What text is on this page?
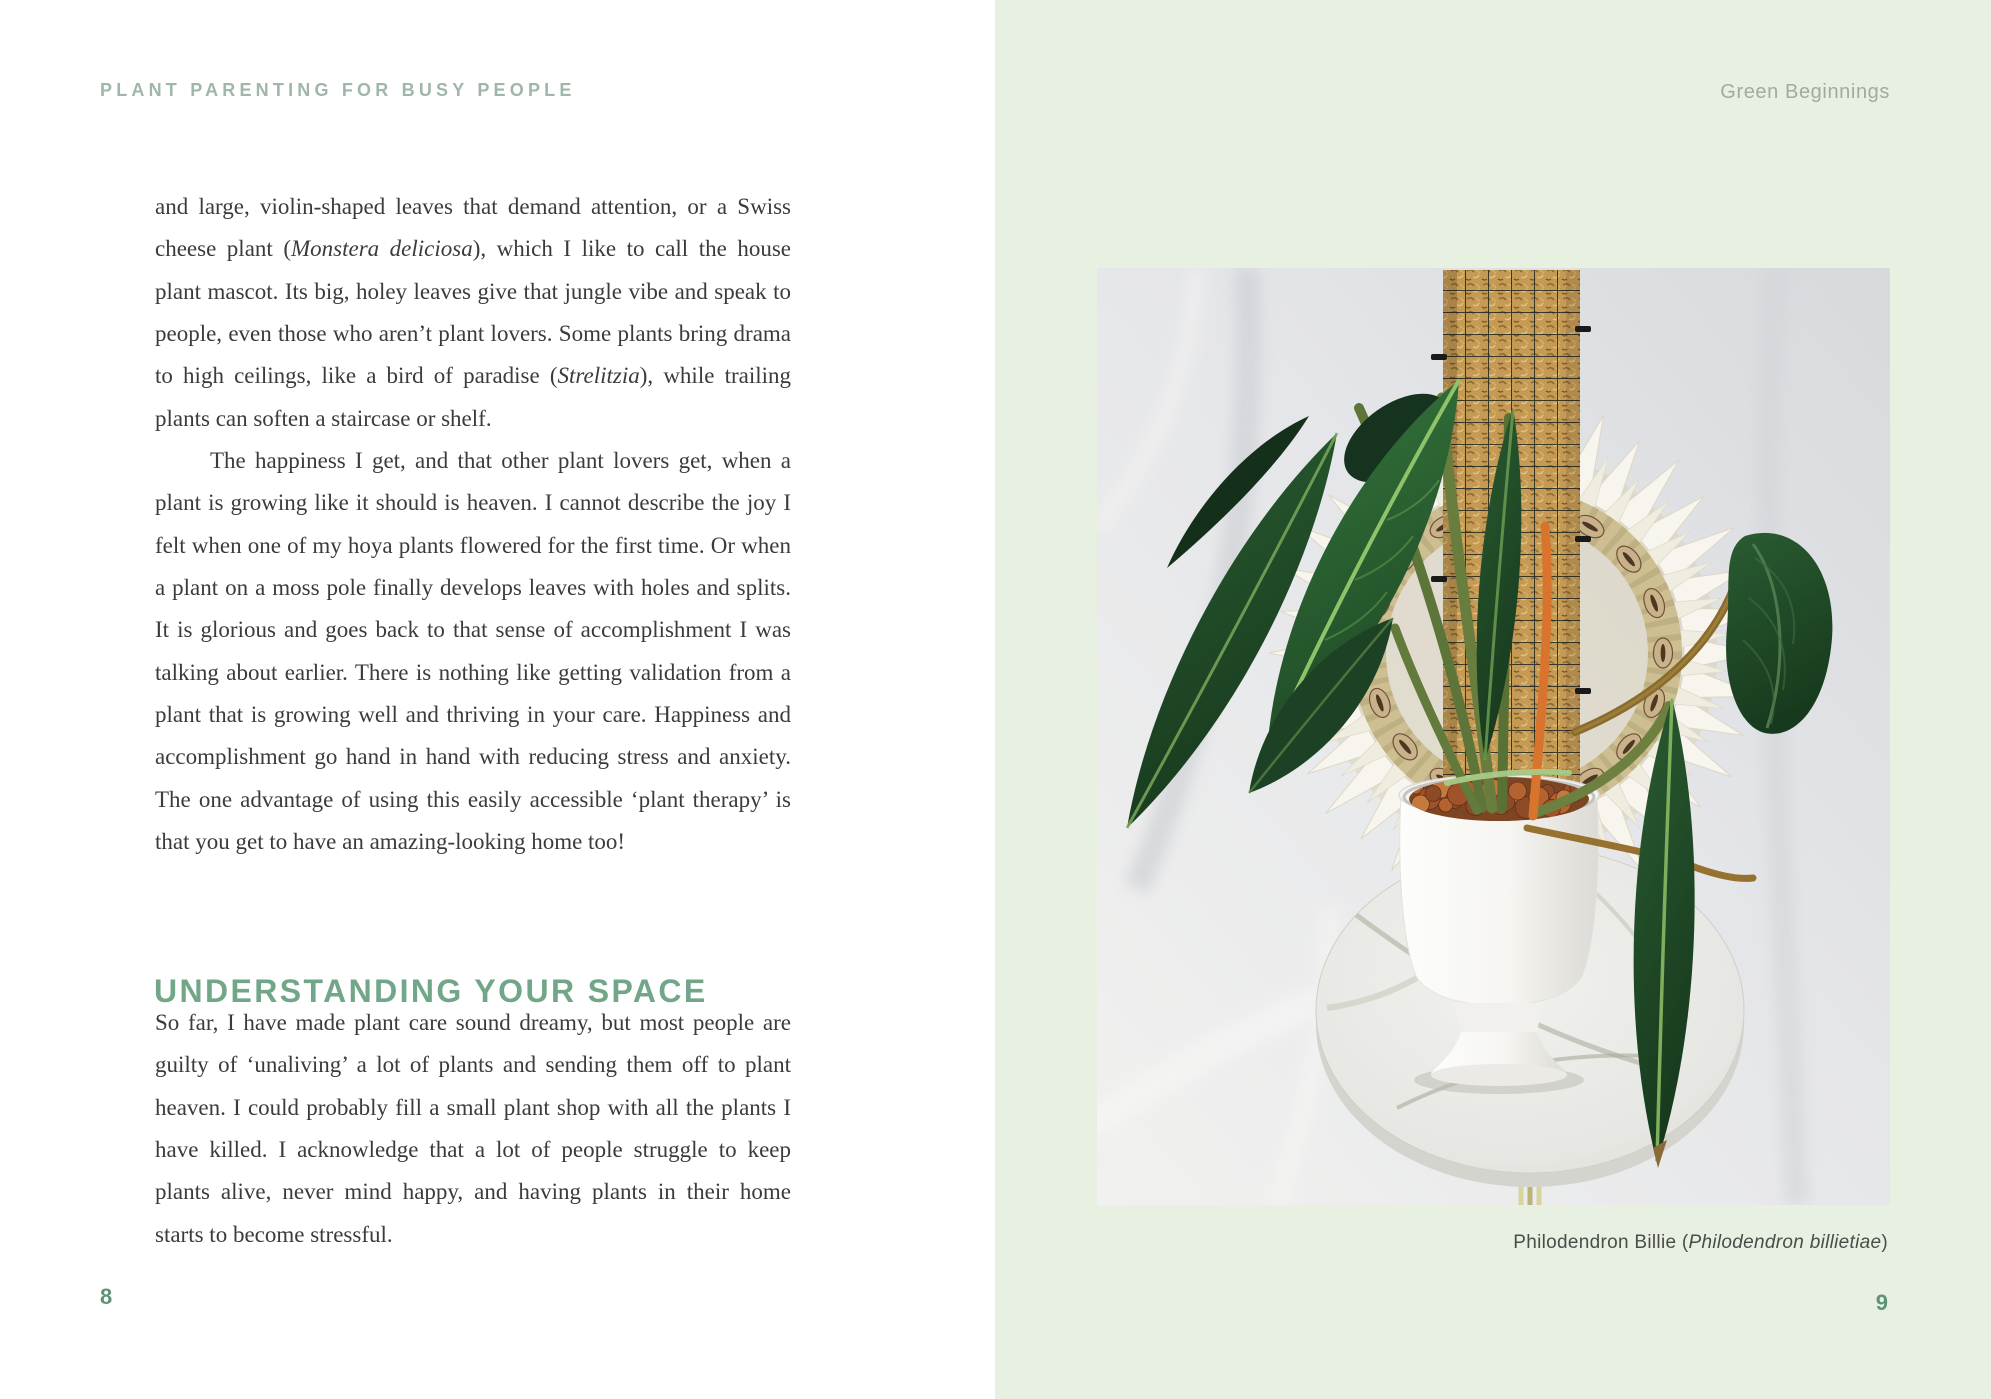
PLANT PARENTING FOR BUSY PEOPLE

and large, violin-shaped leaves that demand attention, or a Swiss cheese plant (Monstera deliciosa), which I like to call the house plant mascot. Its big, holey leaves give that jungle vibe and speak to people, even those who aren’t plant lovers. Some plants bring drama to high ceilings, like a bird of paradise (Strelitzia), while trailing plants can soften a staircase or shelf.

The happiness I get, and that other plant lovers get, when a plant is growing like it should is heaven. I cannot describe the joy I felt when one of my hoya plants flowered for the first time. Or when a plant on a moss pole finally develops leaves with holes and splits. It is glorious and goes back to that sense of accomplishment I was talking about earlier. There is nothing like getting validation from a plant that is growing well and thriving in your care. Happiness and accomplishment go hand in hand with reducing stress and anxiety. The one advantage of using this easily accessible ‘plant therapy’ is that you get to have an amazing-looking home too!

UNDERSTANDING YOUR SPACE

So far, I have made plant care sound dreamy, but most people are guilty of ‘unaliving’ a lot of plants and sending them off to plant heaven. I could probably fill a small plant shop with all the plants I have killed. I acknowledge that a lot of people struggle to keep plants alive, never mind happy, and having plants in their home starts to become stressful.

8
Green Beginnings
Philodendron Billie (Philodendron billietiae)
9
